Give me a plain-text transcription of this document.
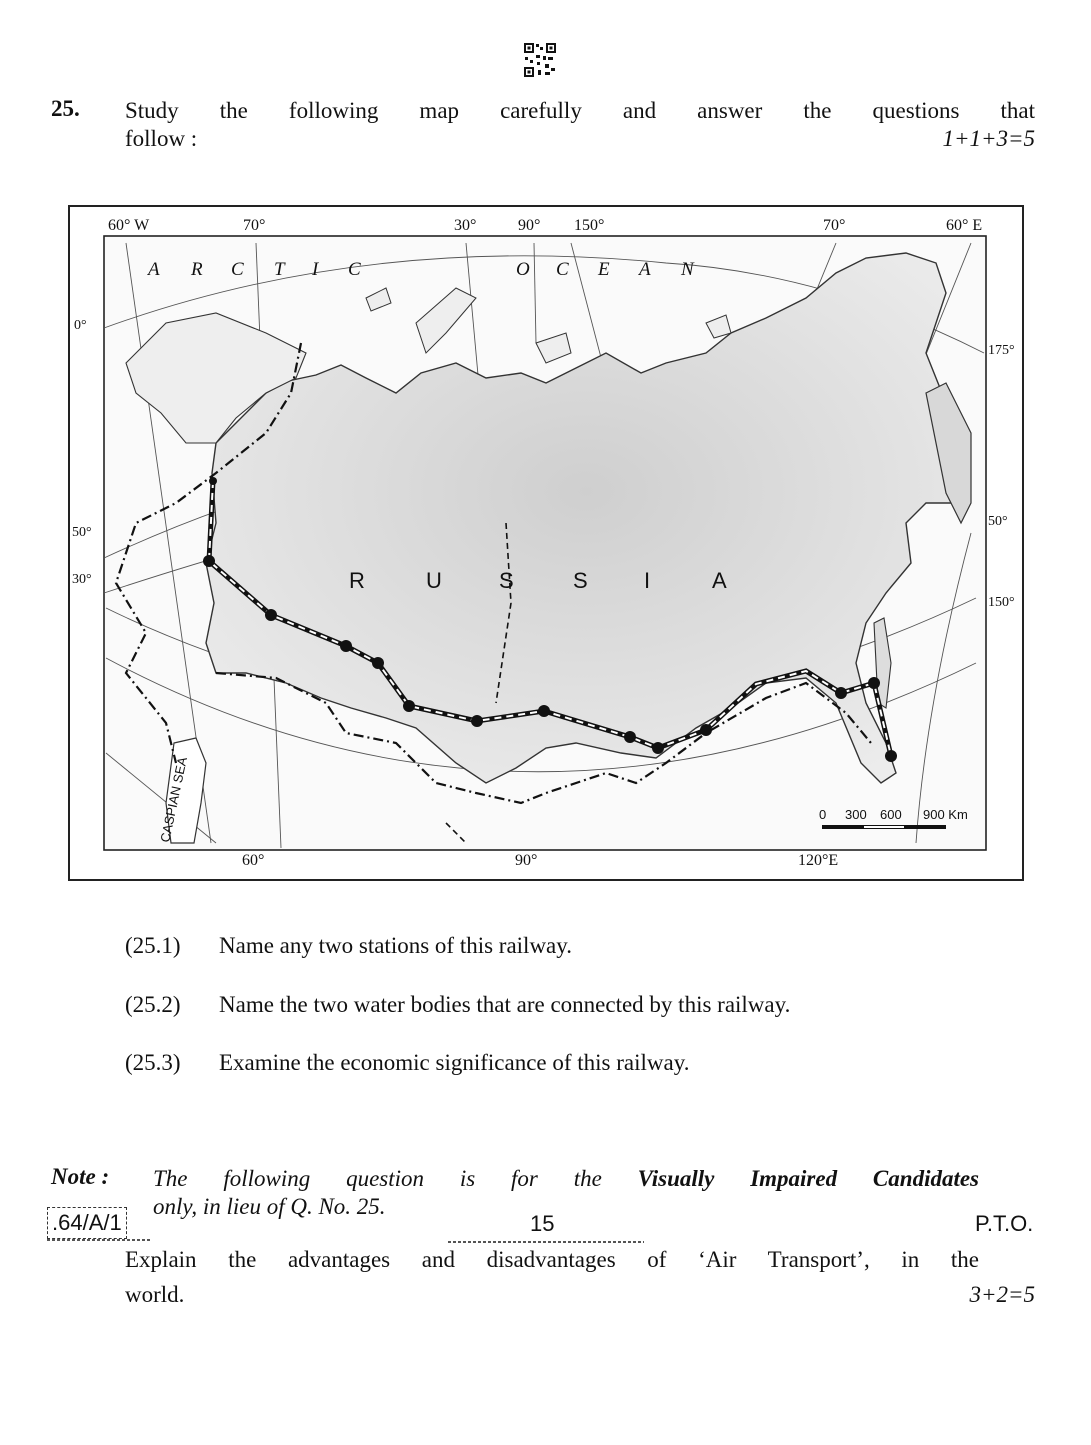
25. Study the following map carefully and answer the questions that
follow :	1+1+3=5
A R C T I C	O C E A N
R	U	S	S	I	A
CASPIAN SEA
60° W	70°	30°	90° 150°	70°	60° E
0°
50°
30°
175°
50°
150°
60°	90°	120°E
0 300 600 900 Km
(25.1) Name any two stations of this railway.
(25.2) Name the two water bodies that are connected by this railway.
(25.3) Examine the economic significance of this railway.
Note : The following question is for the Visually Impaired Candidates
only, in lieu of Q. No. 25.
Explain the advantages and disadvantages of ‘Air Transport’, in the
world.	3+2=5
.64/A/1	15	P.T.O.
